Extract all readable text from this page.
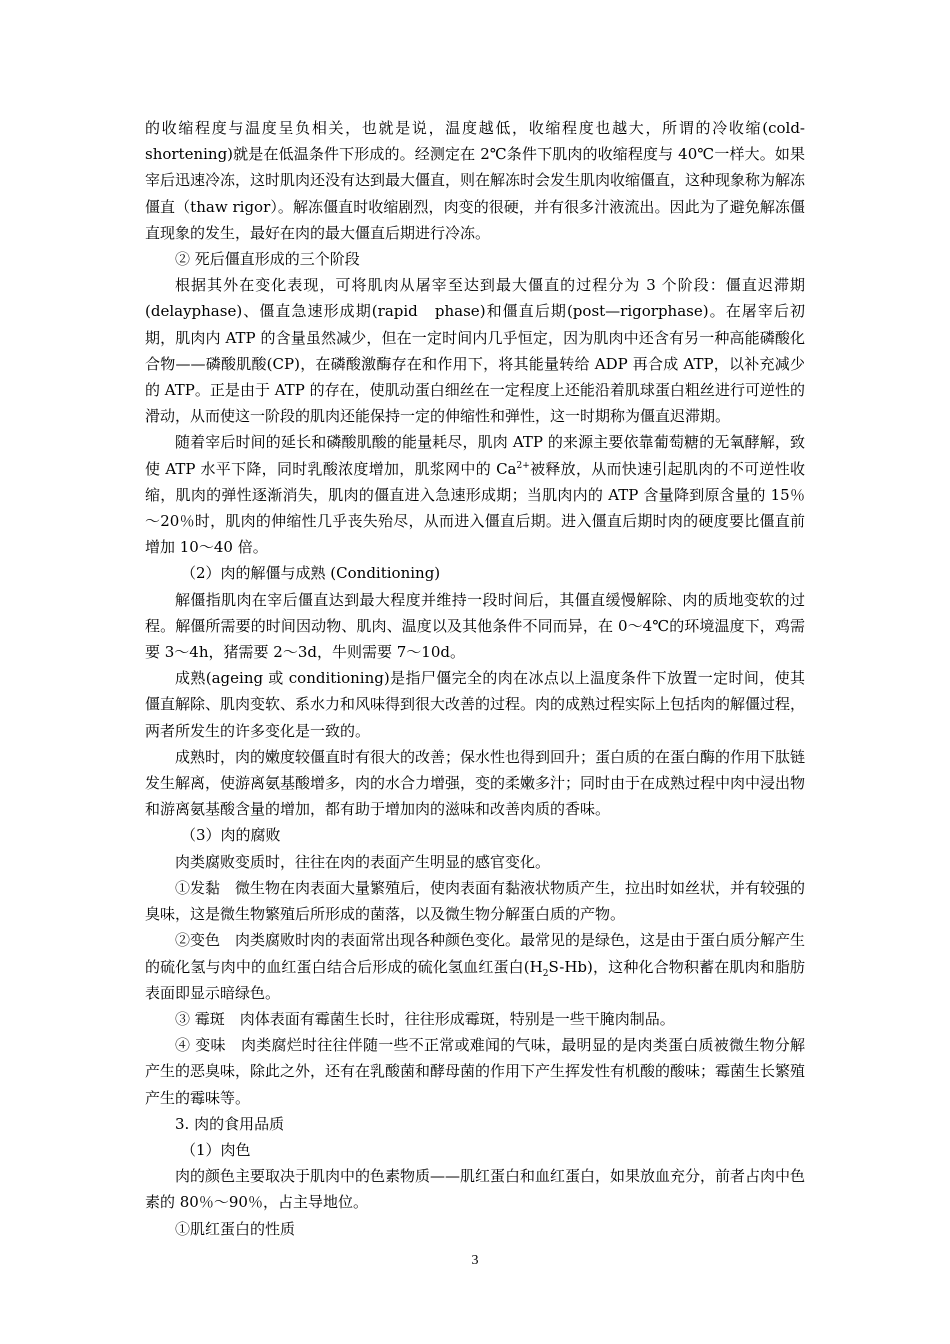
的收缩程度与温度呈负相关，也就是说，温度越低，收缩程度也越大，所谓的冷收缩(cold-shortening)就是在低温条件下形成的。经测定在 2℃条件下肌肉的收缩程度与 40℃一样大。如果宰后迅速冷冻，这时肌肉还没有达到最大僵直，则在解冻时会发生肌肉收缩僵直，这种现象称为解冻僵直（thaw rigor）。解冻僵直时收缩剧烈，肉变的很硬，并有很多汁液流出。因此为了避免解冻僵直现象的发生，最好在肉的最大僵直后期进行冷冻。

② 死后僵直形成的三个阶段

根据其外在变化表现，可将肌肉从屠宰至达到最大僵直的过程分为 3 个阶段：僵直迟滞期(delayphase)、僵直急速形成期(rapid　phase)和僵直后期(post—rigorphase)。在屠宰后初期，肌肉内 ATP 的含量虽然减少，但在一定时间内几乎恒定，因为肌肉中还含有另一种高能磷酸化合物——磷酸肌酸(CP)，在磷酸激酶存在和作用下，将其能量转给 ADP 再合成 ATP，以补充减少的 ATP。正是由于 ATP 的存在，使肌动蛋白细丝在一定程度上还能沿着肌球蛋白粗丝进行可逆性的滑动，从而使这一阶段的肌肉还能保持一定的伸缩性和弹性，这一时期称为僵直迟滞期。

随着宰后时间的延长和磷酸肌酸的能量耗尽，肌肉 ATP 的来源主要依靠葡萄糖的无氧酵解，致使 ATP 水平下降，同时乳酸浓度增加，肌浆网中的 $Ca^{2+}$被释放，从而快速引起肌肉的不可逆性收缩，肌肉的弹性逐渐消失，肌肉的僵直进入急速形成期；当肌肉内的 ATP 含量降到原含量的 15％～20％时，肌肉的伸缩性几乎丧失殆尽，从而进入僵直后期。进入僵直后期时肉的硬度要比僵直前增加 10～40 倍。

（2）肉的解僵与成熟 (Conditioning)

解僵指肌肉在宰后僵直达到最大程度并维持一段时间后，其僵直缓慢解除、肉的质地变软的过程。解僵所需要的时间因动物、肌肉、温度以及其他条件不同而异，在 0～4℃的环境温度下，鸡需要 3～4h，猪需要 2～3d，牛则需要 7～10d。

成熟(ageing 或 conditioning)是指尸僵完全的肉在冰点以上温度条件下放置一定时间，使其僵直解除、肌肉变软、系水力和风味得到很大改善的过程。肉的成熟过程实际上包括肉的解僵过程，两者所发生的许多变化是一致的。

成熟时，肉的嫩度较僵直时有很大的改善；保水性也得到回升；蛋白质的在蛋白酶的作用下肽链发生解离，使游离氨基酸增多，肉的水合力增强，变的柔嫩多汁；同时由于在成熟过程中肉中浸出物和游离氨基酸含量的增加，都有助于增加肉的滋味和改善肉质的香味。

（3）肉的腐败

肉类腐败变质时，往往在肉的表面产生明显的感官变化。

①发黏　微生物在肉表面大量繁殖后，使肉表面有黏液状物质产生，拉出时如丝状，并有较强的臭味，这是微生物繁殖后所形成的菌落，以及微生物分解蛋白质的产物。

②变色　肉类腐败时肉的表面常出现各种颜色变化。最常见的是绿色，这是由于蛋白质分解产生的硫化氢与肉中的血红蛋白结合后形成的硫化氢血红蛋白$(H_2S-Hb)$，这种化合物积蓄在肌肉和脂肪表面即显示暗绿色。

③ 霉斑　肉体表面有霉菌生长时，往往形成霉斑，特别是一些干腌肉制品。

④ 变味　肉类腐烂时往往伴随一些不正常或难闻的气味，最明显的是肉类蛋白质被微生物分解产生的恶臭味，除此之外，还有在乳酸菌和酵母菌的作用下产生挥发性有机酸的酸味；霉菌生长繁殖产生的霉味等。

3. 肉的食用品质

（1）肉色

肉的颜色主要取决于肌肉中的色素物质——肌红蛋白和血红蛋白，如果放血充分，前者占肉中色素的 80％～90％，占主导地位。

①肌红蛋白的性质

3
